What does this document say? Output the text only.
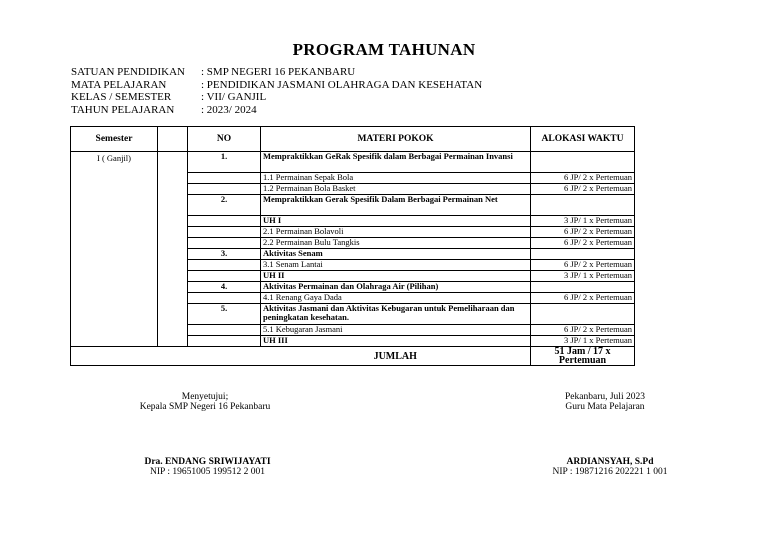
PROGRAM TAHUNAN
SATUAN PENDIDIKAN	: SMP NEGERI 16 PEKANBARU
MATA PELAJARAN	: PENDIDIKAN JASMANI OLAHRAGA DAN KESEHATAN
KELAS / SEMESTER	: VII/ GANJIL
TAHUN PELAJARAN	: 2023/ 2024
Semester		NO	MATERI POKOK	ALOKASI WAKTU
I ( Ganjil)		1.	Mempraktikkan GeRak Spesifik dalam Berbagai Permainan Invansi	
			1.1 Permainan Sepak Bola	6 JP/ 2 x Pertemuan
			1.2 Permainan Bola Basket	6 JP/ 2 x Pertemuan
		2.	Mempraktikkan Gerak Spesifik Dalam Berbagai Permainan Net	
			UH I	3 JP/ 1 x Pertemuan
			2.1 Permainan Bolavoli	6 JP/ 2 x Pertemuan
			2.2 Permainan Bulu Tangkis	6 JP/ 2 x Pertemuan
		3.	Aktivitas Senam	
			3.1 Senam Lantai	6 JP/ 2 x Pertemuan
			UH II	3 JP/ 1 x Pertemuan
		4.	Aktivitas Permainan dan Olahraga Air (Pilihan)	
			4.1 Renang Gaya Dada	6 JP/ 2 x Pertemuan
		5.	Aktivitas Jasmani dan Aktivitas Kebugaran untuk Pemeliharaan dan peningkatan kesehatan.	
			5.1 Kebugaran Jasmani	6 JP/ 2 x Pertemuan
			UH III	3 JP/ 1 x Pertemuan
			JUMLAH	51 Jam / 17 x Pertemuan
Menyetujui;
Kepala SMP Negeri 16 Pekanbaru
Dra. ENDANG SRIWIJAYATI
NIP : 19651005 199512 2 001
Pekanbaru, Juli 2023
Guru Mata Pelajaran
ARDIANSYAH, S.Pd
NIP : 19871216 202221 1 001
